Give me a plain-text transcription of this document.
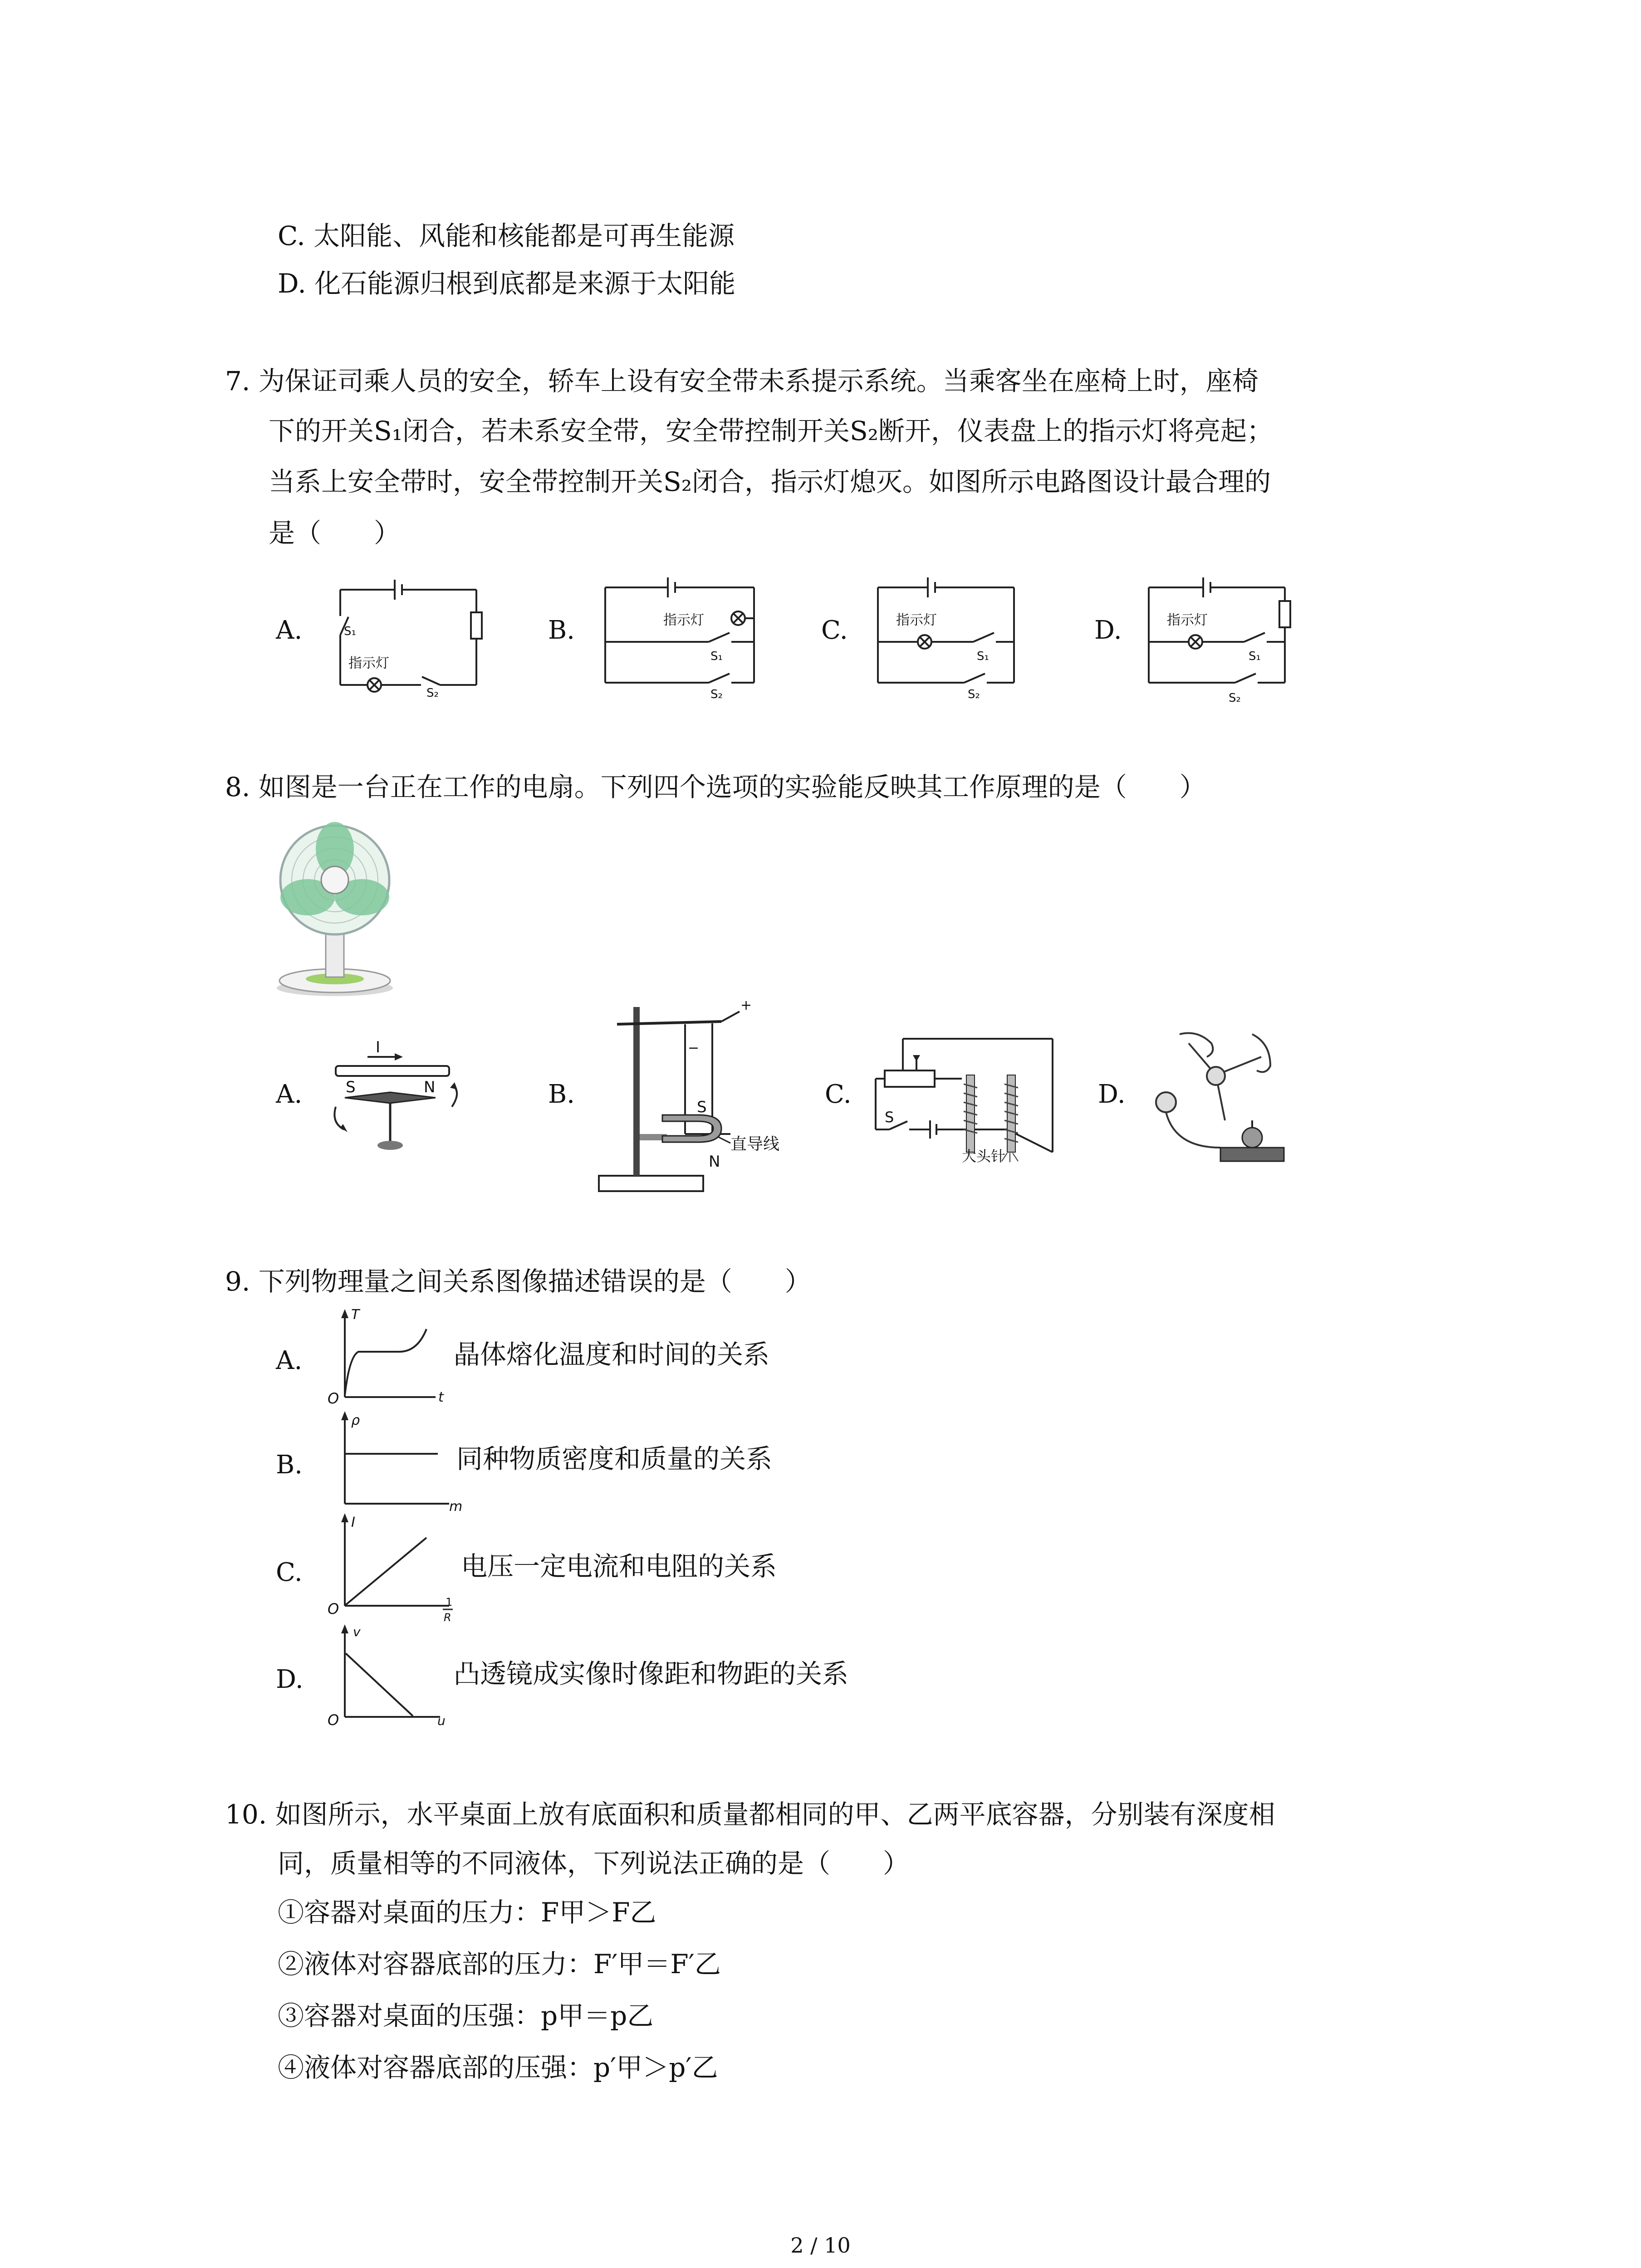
C. 太阳能、风能和核能都是可再生能源
D. 化石能源归根到底都是来源于太阳能
7. 为保证司乘人员的安全，轿车上设有安全带未系提示系统。当乘客坐在座椅上时，座椅
下的开关S₁闭合，若未系安全带，安全带控制开关S₂断开，仪表盘上的指示灯将亮起；
当系上安全带时，安全带控制开关S₂闭合，指示灯熄灭。如图所示电路图设计最合理的
是（　　）
A.	B.	C.	D.
S₁
指示灯
S₂
指示灯
S₁
S₂
指示灯
S₁
S₂
指示灯
S₁
S₂
8. 如图是一台正在工作的电扇。下列四个选项的实验能反映其工作原理的是（　　）
A.	B.	C.	D.
I
S	N
+
−
S
N
直导线
S
大头针
9. 下列物理量之间关系图像描述错误的是（　　）
A.
T
t
O
晶体熔化温度和时间的关系
B.
ρ
m
同种物质密度和质量的关系
C.
I
O	1
R
电压一定电流和电阻的关系
D.
v
u
O
凸透镜成实像时像距和物距的关系
10. 如图所示，水平桌面上放有底面积和质量都相同的甲、乙两平底容器，分别装有深度相
同，质量相等的不同液体，下列说法正确的是（　　）
①容器对桌面的压力：F甲＞F乙
②液体对容器底部的压力：F′甲＝F′乙
③容器对桌面的压强：p甲＝p乙
④液体对容器底部的压强：p′甲＞p′乙
2 / 10
